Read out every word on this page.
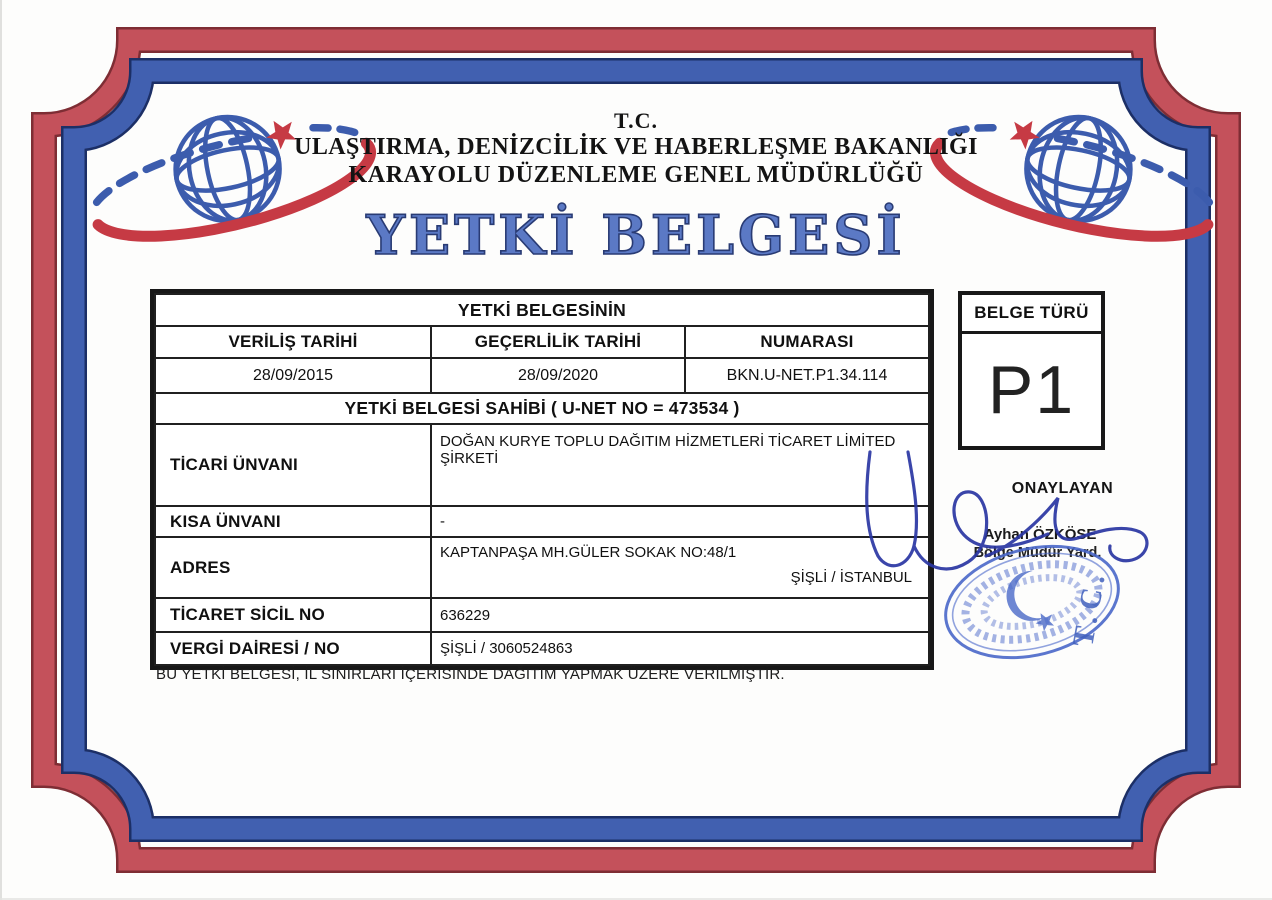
T.C.
ULAŞTIRMA, DENİZCİLİK VE HABERLEŞME BAKANLIĞI
KARAYOLU DÜZENLEME GENEL MÜDÜRLÜĞÜ
YETKİ BELGESİ
YETKİ BELGESİNİN		
VERİLİŞ TARİHİ	GEÇERLİLİK TARİHİ	NUMARASI
28/09/2015	28/09/2020	BKN.U-NET.P1.34.114
YETKİ BELGESİ SAHİBİ ( U-NET NO = 473534 )		
TİCARİ ÜNVANI	DOĞAN KURYE TOPLU DAĞITIM HİZMETLERİ TİCARET LİMİTED ŞİRKETİ	
KISA ÜNVANI	-	
ADRES	KAPTANPAŞA MH.GÜLER SOKAK NO:48/1
ŞİŞLİ / İSTANBUL	

TİCARET SİCİL NO	636229	
VERGİ DAİRESİ / NO	ŞİŞLİ / 3060524863	
BELGE TÜRÜ
P1
ONAYLAYAN
Ayhan ÖZKÖSE
Bölge Müdür Yard.
BU YETKİ BELGESİ, İL SINIRLARI İÇERİSİNDE DAĞITIM YAPMAK ÜZERE VERİLMİŞTİR.
T.C.
